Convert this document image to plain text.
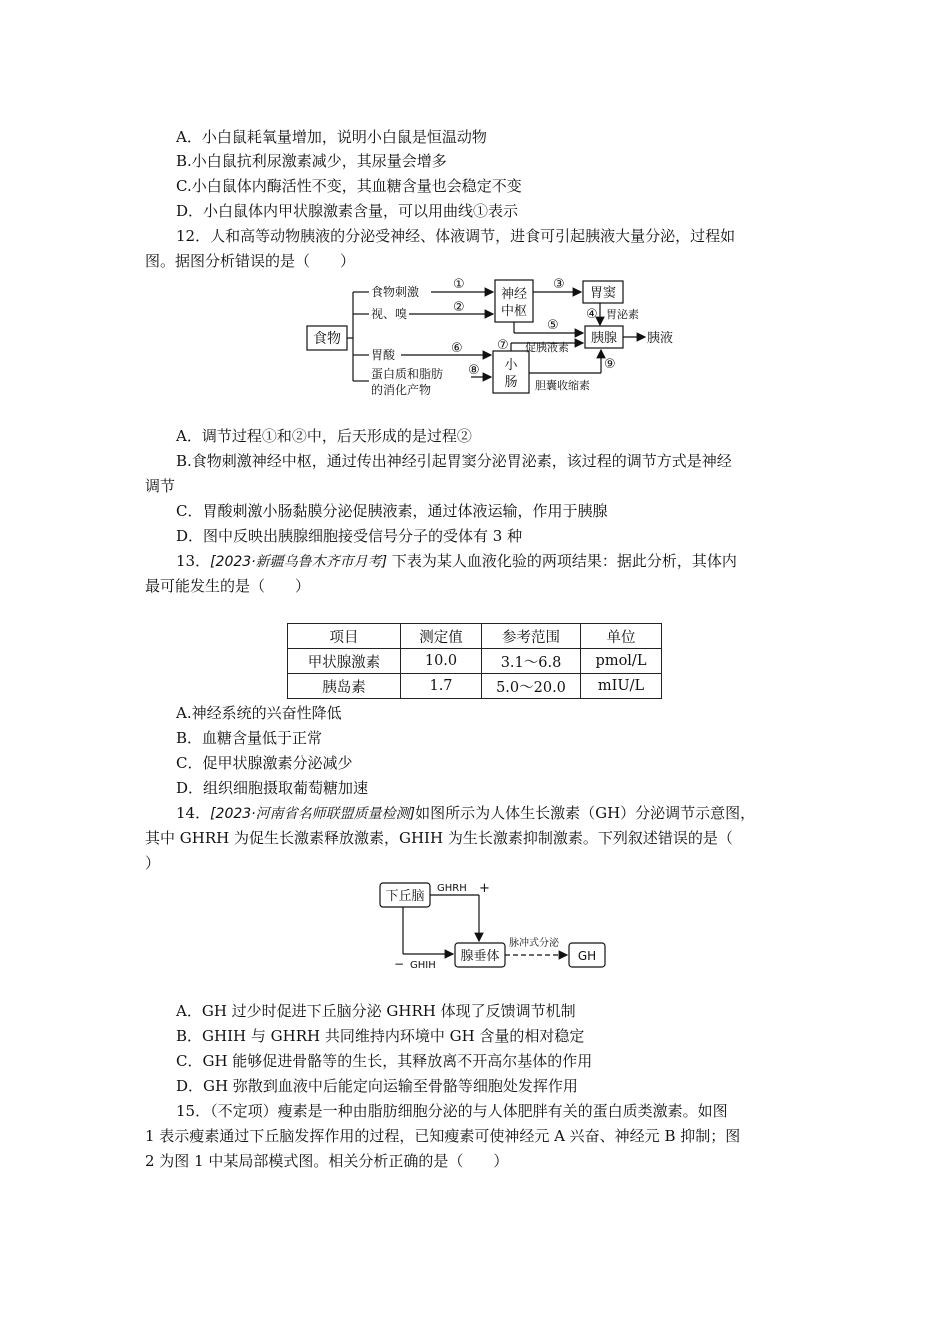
A．小白鼠耗氧量增加，说明小白鼠是恒温动物
B.小白鼠抗利尿激素减少，其尿量会增多
C.小白鼠体内酶活性不变，其血糖含量也会稳定不变
D．小白鼠体内甲状腺激素含量，可以用曲线①表示
12．人和高等动物胰液的分泌受神经、体液调节，进食可引起胰液大量分泌，过程如
图。据图分析错误的是（　　）
食物
食物刺激
视、嗅
胃酸
蛋白质和脂肪
的消化产物
神经
中枢
胃窦
胰腺 胰液
小
肠
胃泌素
促胰液素
胆囊收缩素
①
②
③
④
⑤
⑥	⑦
⑧	⑨
A．调节过程①和②中，后天形成的是过程②
B.食物刺激神经中枢，通过传出神经引起胃窦分泌胃泌素，该过程的调节方式是神经
调节
C．胃酸刺激小肠黏膜分泌促胰液素，通过体液运输，作用于胰腺
D．图中反映出胰腺细胞接受信号分子的受体有 3 种
13．[2023·新疆乌鲁木齐市月考] 下表为某人血液化验的两项结果：据此分析，其体内
最可能发生的是（　　）
项目	测定值	参考范围	单位
甲状腺激素	10.0	3.1～6.8	pmol/L
胰岛素	1.7	5.0～20.0	mIU/L
A.神经系统的兴奋性降低
B．血糖含量低于正常
C．促甲状腺激素分泌减少
D．组织细胞摄取葡萄糖加速
14．[2023·河南省名师联盟质量检测]如图所示为人体生长激素（GH）分泌调节示意图，
其中 GHRH 为促生长激素释放激素，GHIH 为生长激素抑制激素。下列叙述错误的是（
）
下丘脑
GHRH +
− GHIH
腺垂体
脉冲式分泌
GH
A．GH 过少时促进下丘脑分泌 GHRH 体现了反馈调节机制
B．GHIH 与 GHRH 共同维持内环境中 GH 含量的相对稳定
C．GH 能够促进骨骼等的生长，其释放离不开高尔基体的作用
D．GH 弥散到血液中后能定向运输至骨骼等细胞处发挥作用
15．（不定项）瘦素是一种由脂肪细胞分泌的与人体肥胖有关的蛋白质类激素。如图
1 表示瘦素通过下丘脑发挥作用的过程，已知瘦素可使神经元 A 兴奋、神经元 B 抑制；图
2 为图 1 中某局部模式图。相关分析正确的是（　　）
